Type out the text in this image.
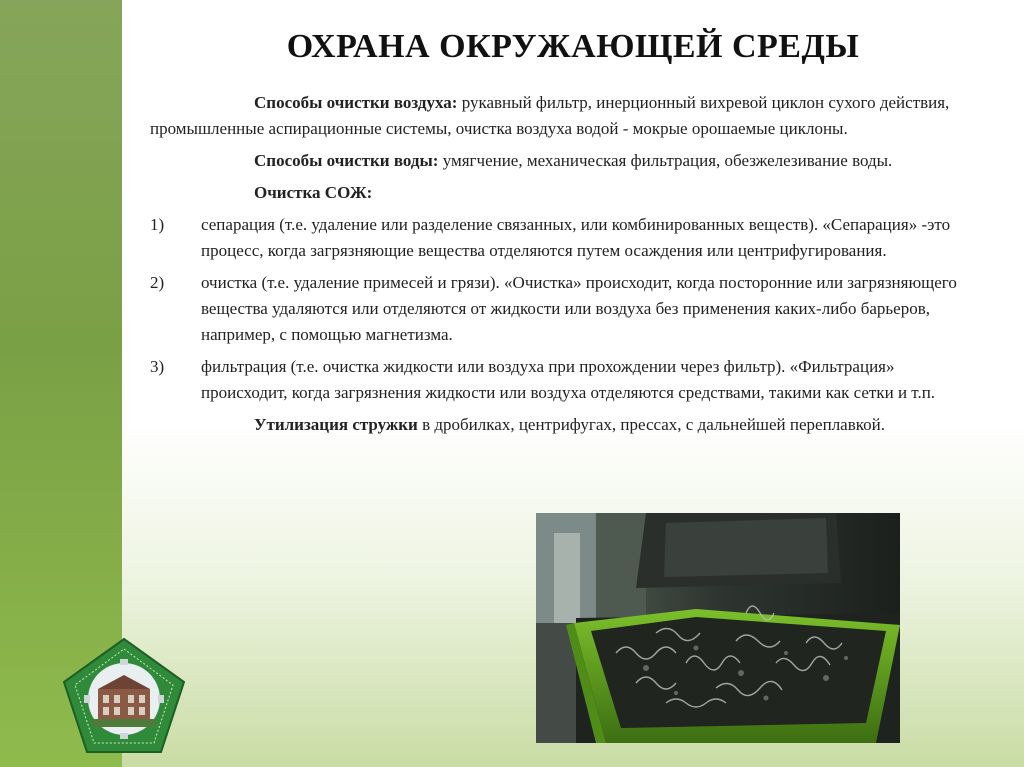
ОХРАНА ОКРУЖАЮЩЕЙ СРЕДЫ

Способы очистки воздуха: рукавный фильтр, инерционный вихревой циклон сухого действия, промышленные аспирационные системы, очистка воздуха водой - мокрые орошаемые циклоны.

Способы очистки воды: умягчение, механическая фильтрация, обезжелезивание воды.

Очистка СОЖ:

1)	сепарация (т.е. удаление или разделение связанных, или комбинированных веществ). «Сепарация» -это процесс, когда загрязняющие вещества отделяются путем осаждения или центрифугирования.
2)	очистка (т.е. удаление примесей и грязи). «Очистка» происходит, когда посторонние или загрязняющего вещества удаляются или отделяются от жидкости или воздуха без применения каких-либо барьеров, например, с помощью магнетизма.
3)	фильтрация (т.е. очистка жидкости или воздуха при прохождении через фильтр). «Фильтрация» происходит, когда загрязнения жидкости или воздуха отделяются средствами, такими как сетки и т.п.

Утилизация стружки в дробилках, центрифугах, прессах, с дальнейшей переплавкой.
